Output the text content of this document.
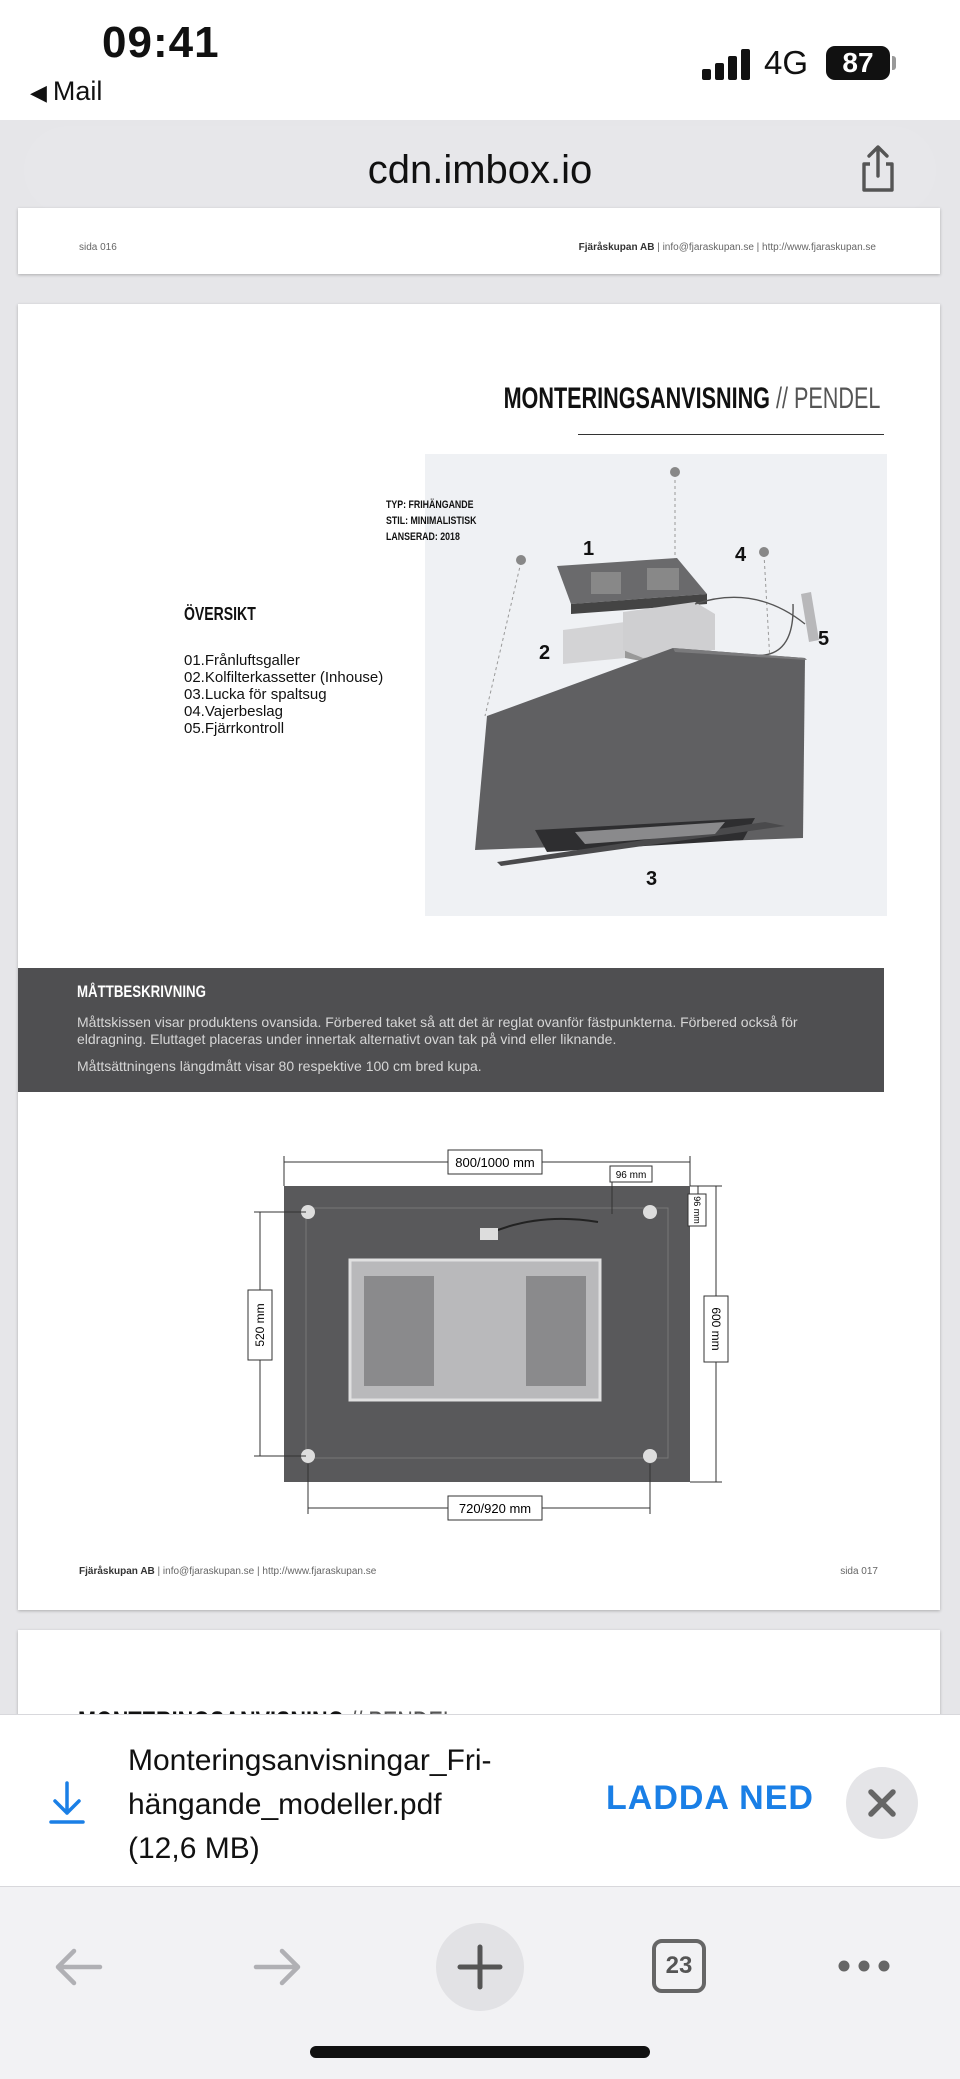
09:41
◀ Mail
4G	87
cdn.imbox.io
sida 016	Fjäråskupan AB | info@fjaraskupan.se | http://www.fjaraskupan.se
MONTERINGSANVISNING // PENDEL
1
2
3
4
5
TYP: FRIHÄNGANDE
STIL: MINIMALISTISK
LANSERAD: 2018
ÖVERSIKT
01.Frånluftsgaller
02.Kolfilterkassetter (Inhouse)
03.Lucka för spaltsug
04.Vajerbeslag
05.Fjärrkontroll
MÅTTBESKRIVNING
Måttskissen visar produktens ovansida. Förbered taket så att det är reglat ovanför fästpunkterna. Förbered också för eldragning. Eluttaget placeras under innertak alternativt ovan tak på vind eller liknande.
Måttsättningens längdmått visar 80 respektive 100 cm bred kupa.
800/1000 mm
720/920 mm
520 mm	600 mm
96 mm
96 mm
Fjäråskupan AB | info@fjaraskupan.se | http://www.fjaraskupan.se	sida 017
Monteringsanvisningar_Fri-
hängande_modeller.pdf
(12,6 MB)
LADDA NED
23
